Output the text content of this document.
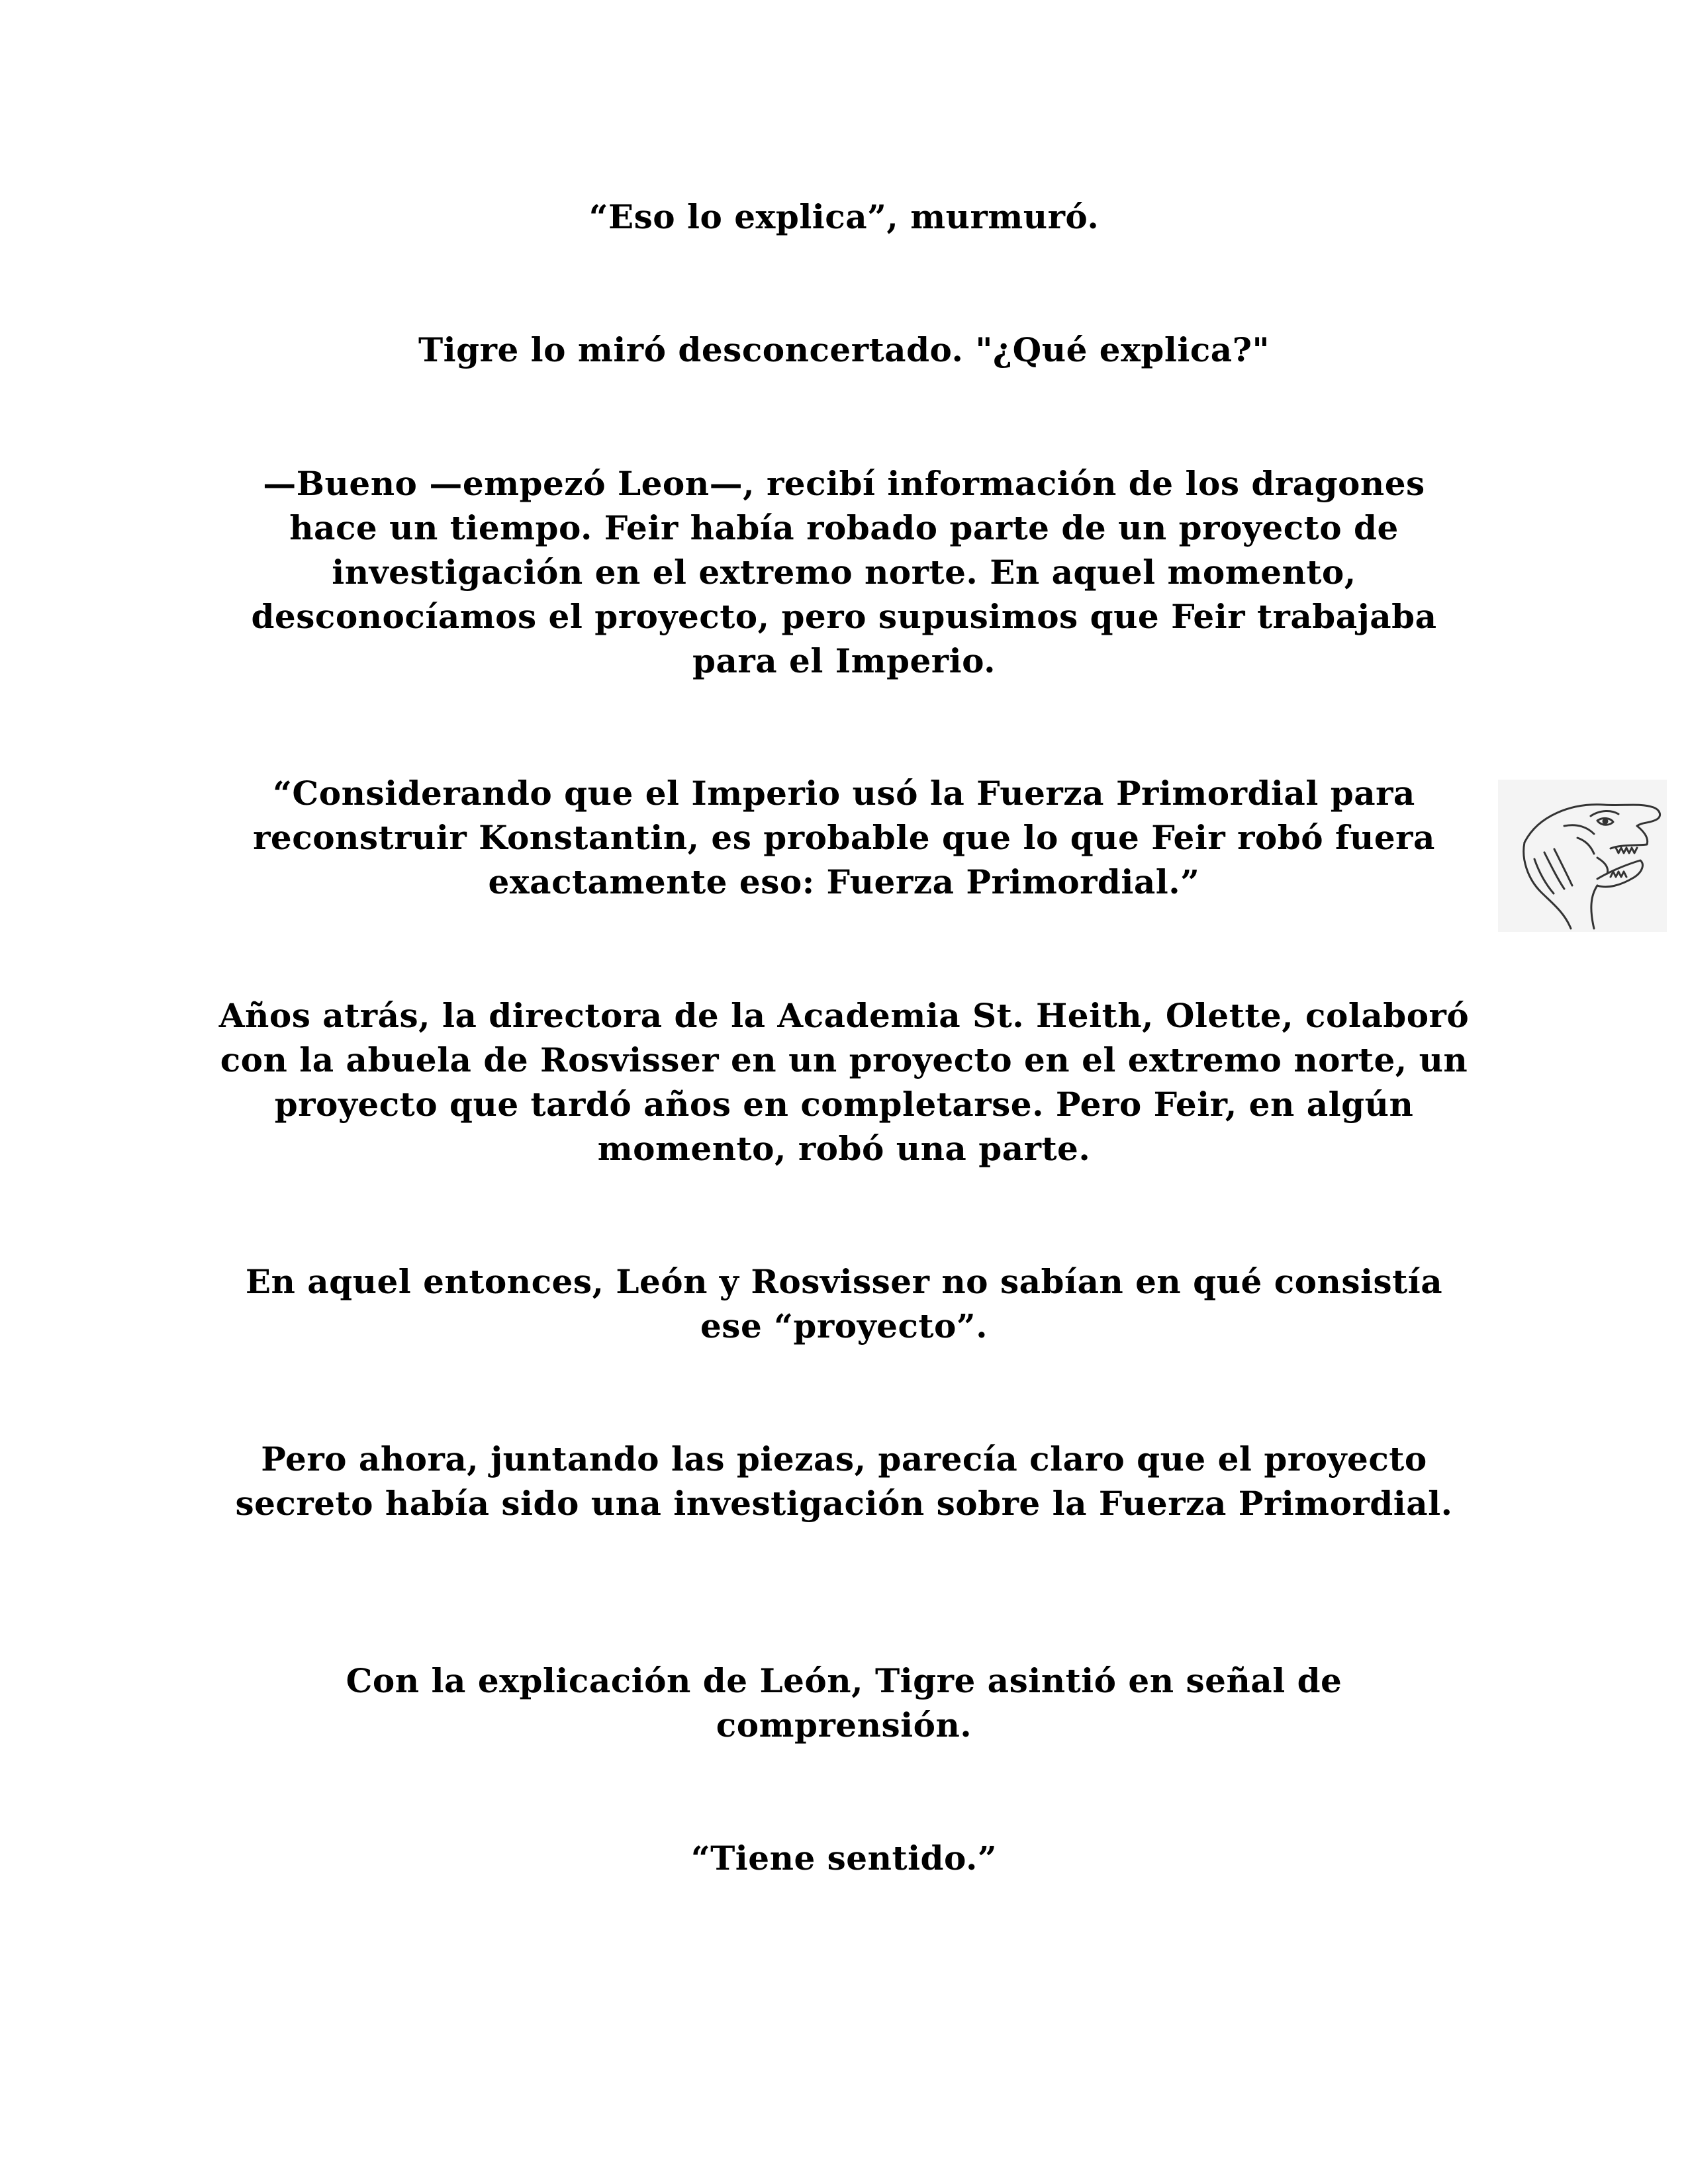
“Eso lo explica”, murmuró.

Tigre lo miró desconcertado. "¿Qué explica?"

—Bueno —empezó Leon—, recibí información de los dragones hace un tiempo. Feir había robado parte de un proyecto de investigación en el extremo norte. En aquel momento, desconocíamos el proyecto, pero supusimos que Feir trabajaba para el Imperio.

“Considerando que el Imperio usó la Fuerza Primordial para reconstruir Konstantin, es probable que lo que Feir robó fuera exactamente eso: Fuerza Primordial.”

Años atrás, la directora de la Academia St. Heith, Olette, colaboró con la abuela de Rosvisser en un proyecto en el extremo norte, un proyecto que tardó años en completarse. Pero Feir, en algún momento, robó una parte.

En aquel entonces, León y Rosvisser no sabían en qué consistía ese “proyecto”.

Pero ahora, juntando las piezas, parecía claro que el proyecto secreto había sido una investigación sobre la Fuerza Primordial.

Con la explicación de León, Tigre asintió en señal de comprensión.

“Tiene sentido.”
